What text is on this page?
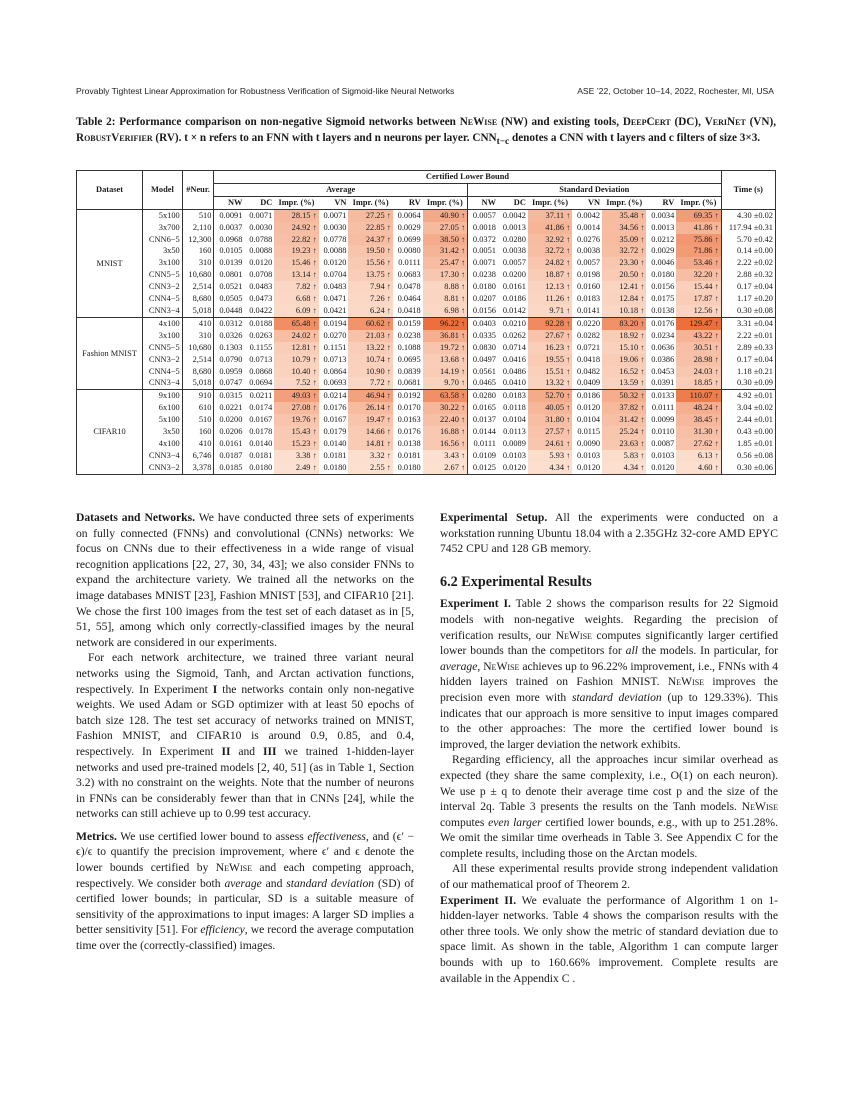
Provably Tightest Linear Approximation for Robustness Verification of Sigmoid-like Neural Networks	ASE ’22, October 10–14, 2022, Rochester, MI, USA
Table 2: Performance comparison on non-negative Sigmoid networks between NeWise (NW) and existing tools, DeepCert (DC), VeriNet (VN), RobustVerifier (RV). t × n refers to an FNN with t layers and n neurons per layer. $CNN_{t-c}$ denotes a CNN with t layers and c filters of size 3×3.
Dataset	Model	#Neur.	Certified Lower Bound														Time (s)
			Average							Standard Deviation							
			NW	DC	Impr. (%)	VN	Impr. (%)	RV	Impr. (%)	NW	DC	Impr. (%)	VN	Impr. (%)	RV	Impr. (%)	
MNIST	5x100	510	0.0091	0.0071	28.15 ↑	0.0071	27.25 ↑	0.0064	40.90 ↑	0.0057	0.0042	37.11 ↑	0.0042	35.48 ↑	0.0034	69.35 ↑	4.30 ±0.02
	3x700	2,110	0.0037	0.0030	24.92 ↑	0.0030	22.85 ↑	0.0029	27.05 ↑	0.0018	0.0013	41.86 ↑	0.0014	34.56 ↑	0.0013	41.86 ↑	117.94 ±0.31
	CNN6−5	12,300	0.0968	0.0788	22.82 ↑	0.0778	24.37 ↑	0.0699	38.50 ↑	0.0372	0.0280	32.92 ↑	0.0276	35.09 ↑	0.0212	75.86 ↑	5.70 ±0.42
	3x50	160	0.0105	0.0088	19.23 ↑	0.0088	19.50 ↑	0.0080	31.42 ↑	0.0051	0.0038	32.72 ↑	0.0038	32.72 ↑	0.0029	71.86 ↑	0.14 ±0.00
	3x100	310	0.0139	0.0120	15.46 ↑	0.0120	15.56 ↑	0.0111	25.47 ↑	0.0071	0.0057	24.82 ↑	0.0057	23.30 ↑	0.0046	53.46 ↑	2.22 ±0.02
	CNN5−5	10,680	0.0801	0.0708	13.14 ↑	0.0704	13.75 ↑	0.0683	17.30 ↑	0.0238	0.0200	18.87 ↑	0.0198	20.50 ↑	0.0180	32.20 ↑	2.88 ±0.32
	CNN3−2	2,514	0.0521	0.0483	7.82 ↑	0.0483	7.94 ↑	0.0478	8.88 ↑	0.0180	0.0161	12.13 ↑	0.0160	12.41 ↑	0.0156	15.44 ↑	0.17 ±0.04
	CNN4−5	8,680	0.0505	0.0473	6.68 ↑	0.0471	7.26 ↑	0.0464	8.81 ↑	0.0207	0.0186	11.26 ↑	0.0183	12.84 ↑	0.0175	17.87 ↑	1.17 ±0.20
	CNN3−4	5,018	0.0448	0.0422	6.09 ↑	0.0421	6.24 ↑	0.0418	6.98 ↑	0.0156	0.0142	9.71 ↑	0.0141	10.18 ↑	0.0138	12.56 ↑	0.30 ±0.08
Fashion MNIST	4x100	410	0.0312	0.0188	65.48 ↑	0.0194	60.62 ↑	0.0159	96.22 ↑	0.0403	0.0210	92.28 ↑	0.0220	83.20 ↑	0.0176	129.47 ↑	3.31 ±0.04
	3x100	310	0.0326	0.0263	24.02 ↑	0.0270	21.03 ↑	0.0238	36.81 ↑	0.0335	0.0262	27.67 ↑	0.0282	18.92 ↑	0.0234	43.22 ↑	2.22 ±0.01
	CNN5−5	10,680	0.1303	0.1155	12.81 ↑	0.1151	13.22 ↑	0.1088	19.72 ↑	0.0830	0.0714	16.23 ↑	0.0721	15.10 ↑	0.0636	30.51 ↑	2.89 ±0.33
	CNN3−2	2,514	0.0790	0.0713	10.79 ↑	0.0713	10.74 ↑	0.0695	13.68 ↑	0.0497	0.0416	19.55 ↑	0.0418	19.06 ↑	0.0386	28.98 ↑	0.17 ±0.04
	CNN4−5	8,680	0.0959	0.0868	10.40 ↑	0.0864	10.90 ↑	0.0839	14.19 ↑	0.0561	0.0486	15.51 ↑	0.0482	16.52 ↑	0.0453	24.03 ↑	1.18 ±0.21
	CNN3−4	5,018	0.0747	0.0694	7.52 ↑	0.0693	7.72 ↑	0.0681	9.70 ↑	0.0465	0.0410	13.32 ↑	0.0409	13.59 ↑	0.0391	18.85 ↑	0.30 ±0.09
CIFAR10	9x100	910	0.0315	0.0211	49.03 ↑	0.0214	46.94 ↑	0.0192	63.58 ↑	0.0280	0.0183	52.70 ↑	0.0186	50.32 ↑	0.0133	110.07 ↑	4.92 ±0.01
	6x100	610	0.0221	0.0174	27.08 ↑	0.0176	26.14 ↑	0.0170	30.22 ↑	0.0165	0.0118	40.05 ↑	0.0120	37.82 ↑	0.0111	48.24 ↑	3.04 ±0.02
	5x100	510	0.0200	0.0167	19.76 ↑	0.0167	19.47 ↑	0.0163	22.40 ↑	0.0137	0.0104	31.80 ↑	0.0104	31.42 ↑	0.0099	38.45 ↑	2.44 ±0.01
	3x50	160	0.0206	0.0178	15.43 ↑	0.0179	14.66 ↑	0.0176	16.88 ↑	0.0144	0.0113	27.57 ↑	0.0115	25.24 ↑	0.0110	31.30 ↑	0.43 ±0.00
	4x100	410	0.0161	0.0140	15.23 ↑	0.0140	14.81 ↑	0.0138	16.56 ↑	0.0111	0.0089	24.61 ↑	0.0090	23.63 ↑	0.0087	27.62 ↑	1.85 ±0.01
	CNN3−4	6,746	0.0187	0.0181	3.38 ↑	0.0181	3.32 ↑	0.0181	3.43 ↑	0.0109	0.0103	5.93 ↑	0.0103	5.83 ↑	0.0103	6.13 ↑	0.56 ±0.08
	CNN3−2	3,378	0.0185	0.0180	2.49 ↑	0.0180	2.55 ↑	0.0180	2.67 ↑	0.0125	0.0120	4.34 ↑	0.0120	4.34 ↑	0.0120	4.60 ↑	0.30 ±0.06

Datasets and Networks. We have conducted three sets of experiments on fully connected (FNNs) and convolutional (CNNs) networks: We focus on CNNs due to their effectiveness in a wide range of visual recognition applications [22, 27, 30, 34, 43]; we also consider FNNs to expand the architecture variety. We trained all the networks on the image databases MNIST [23], Fashion MNIST [53], and CIFAR10 [21]. We chose the first 100 images from the test set of each dataset as in [5, 51, 55], among which only correctly-classified images by the neural network are considered in our experiments.

For each network architecture, we trained three variant neural networks using the Sigmoid, Tanh, and Arctan activation functions, respectively. In Experiment I the networks contain only non-negative weights. We used Adam or SGD optimizer with at least 50 epochs of batch size 128. The test set accuracy of networks trained on MNIST, Fashion MNIST, and CIFAR10 is around 0.9, 0.85, and 0.4, respectively. In Experiment II and III we trained 1-hidden-layer networks and used pre-trained models [2, 40, 51] (as in Table 1, Section 3.2) with no constraint on the weights. Note that the number of neurons in FNNs can be considerably fewer than that in CNNs [24], while the networks can still achieve up to 0.99 test accuracy.

Metrics. We use certified lower bound to assess effectiveness, and (ϵ′ − ϵ)/ϵ to quantify the precision improvement, where ϵ′ and ϵ denote the lower bounds certified by NeWise and each competing approach, respectively. We consider both average and standard deviation (SD) of certified lower bounds; in particular, SD is a suitable measure of sensitivity of the approximations to input images: A larger SD implies a better sensitivity [51]. For efficiency, we record the average computation time over the (correctly-classified) images.

Experimental Setup. All the experiments were conducted on a workstation running Ubuntu 18.04 with a 2.35GHz 32-core AMD EPYC 7452 CPU and 128 GB memory.

6.2 Experimental Results

Experiment I. Table 2 shows the comparison results for 22 Sigmoid models with non-negative weights. Regarding the precision of verification results, our NeWise computes significantly larger certified lower bounds than the competitors for all the models. In particular, for average, NeWise achieves up to 96.22% improvement, i.e., FNNs with 4 hidden layers trained on Fashion MNIST. NeWise improves the precision even more with standard deviation (up to 129.33%). This indicates that our approach is more sensitive to input images compared to the other approaches: The more the certified lower bound is improved, the larger deviation the network exhibits.

Regarding efficiency, all the approaches incur similar overhead as expected (they share the same complexity, i.e., O(1) on each neuron). We use p ± q to denote their average time cost p and the size of the interval 2q. Table 3 presents the results on the Tanh models. NeWise computes even larger certified lower bounds, e.g., with up to 251.28%. We omit the similar time overheads in Table 3. See Appendix C for the complete results, including those on the Arctan models.

All these experimental results provide strong independent validation of our mathematical proof of Theorem 2.

Experiment II. We evaluate the performance of Algorithm 1 on 1-hidden-layer networks. Table 4 shows the comparison results with the other three tools. We only show the metric of standard deviation due to space limit. As shown in the table, Algorithm 1 can compute larger bounds with up to 160.66% improvement. Complete results are available in the Appendix C .
